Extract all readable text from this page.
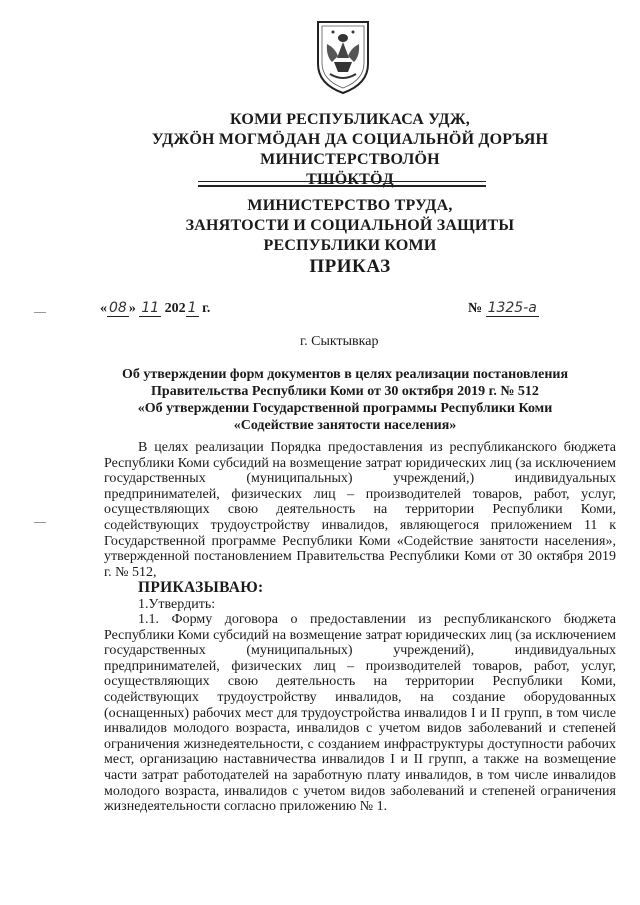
КОМИ РЕСПУБЛИКАСА УДЖ,
УДЖÖН МОГМÖДАН ДА СОЦИАЛЬНÖЙ ДОРЪЯН
МИНИСТЕРСТВОЛÖН
ТШÖКТÖД
МИНИСТЕРСТВО ТРУДА,
ЗАНЯТОСТИ И СОЦИАЛЬНОЙ ЗАЩИТЫ
РЕСПУБЛИКИ КОМИ
ПРИКАЗ
« 08 » 11 202 1 г.	№ 1325-а
г. Сыктывкар
Об утверждении форм документов в целях реализации постановления
Правительства Республики Коми от 30 октября 2019 г. № 512
«Об утверждении Государственной программы Республики Коми
«Содействие занятости населения»
В целях реализации Порядка предоставления из республиканского бюджета Республики Коми субсидий на возмещение затрат юридических лиц (за исключением государственных (муниципальных) учреждений,) индивидуальных предпринимателей, физических лиц – производителей товаров, работ, услуг, осуществляющих свою деятельность на территории Республики Коми, содействующих трудоустройству инвалидов, являющегося приложением 11 к Государственной программе Республики Коми «Содействие занятости населения», утвержденной постановлением Правительства Республики Коми от 30 октября 2019 г. № 512,
ПРИКАЗЫВАЮ:
1.Утвердить:
1.1. Форму договора о предоставлении из республиканского бюджета Республики Коми субсидий на возмещение затрат юридических лиц (за исключением государственных (муниципальных) учреждений), индивидуальных предпринимателей, физических лиц – производителей товаров, работ, услуг, осуществляющих свою деятельность на территории Республики Коми, содействующих трудоустройству инвалидов, на создание оборудованных (оснащенных) рабочих мест для трудоустройства инвалидов I и II групп, в том числе инвалидов молодого возраста, инвалидов с учетом видов заболеваний и степеней ограничения жизнедеятельности, с созданием инфраструктуры доступности рабочих мест, организацию наставничества инвалидов I и II групп, а также на возмещение части затрат работодателей на заработную плату инвалидов, в том числе инвалидов молодого возраста, инвалидов с учетом видов заболеваний и степеней ограничения жизнедеятельности согласно приложению № 1.
